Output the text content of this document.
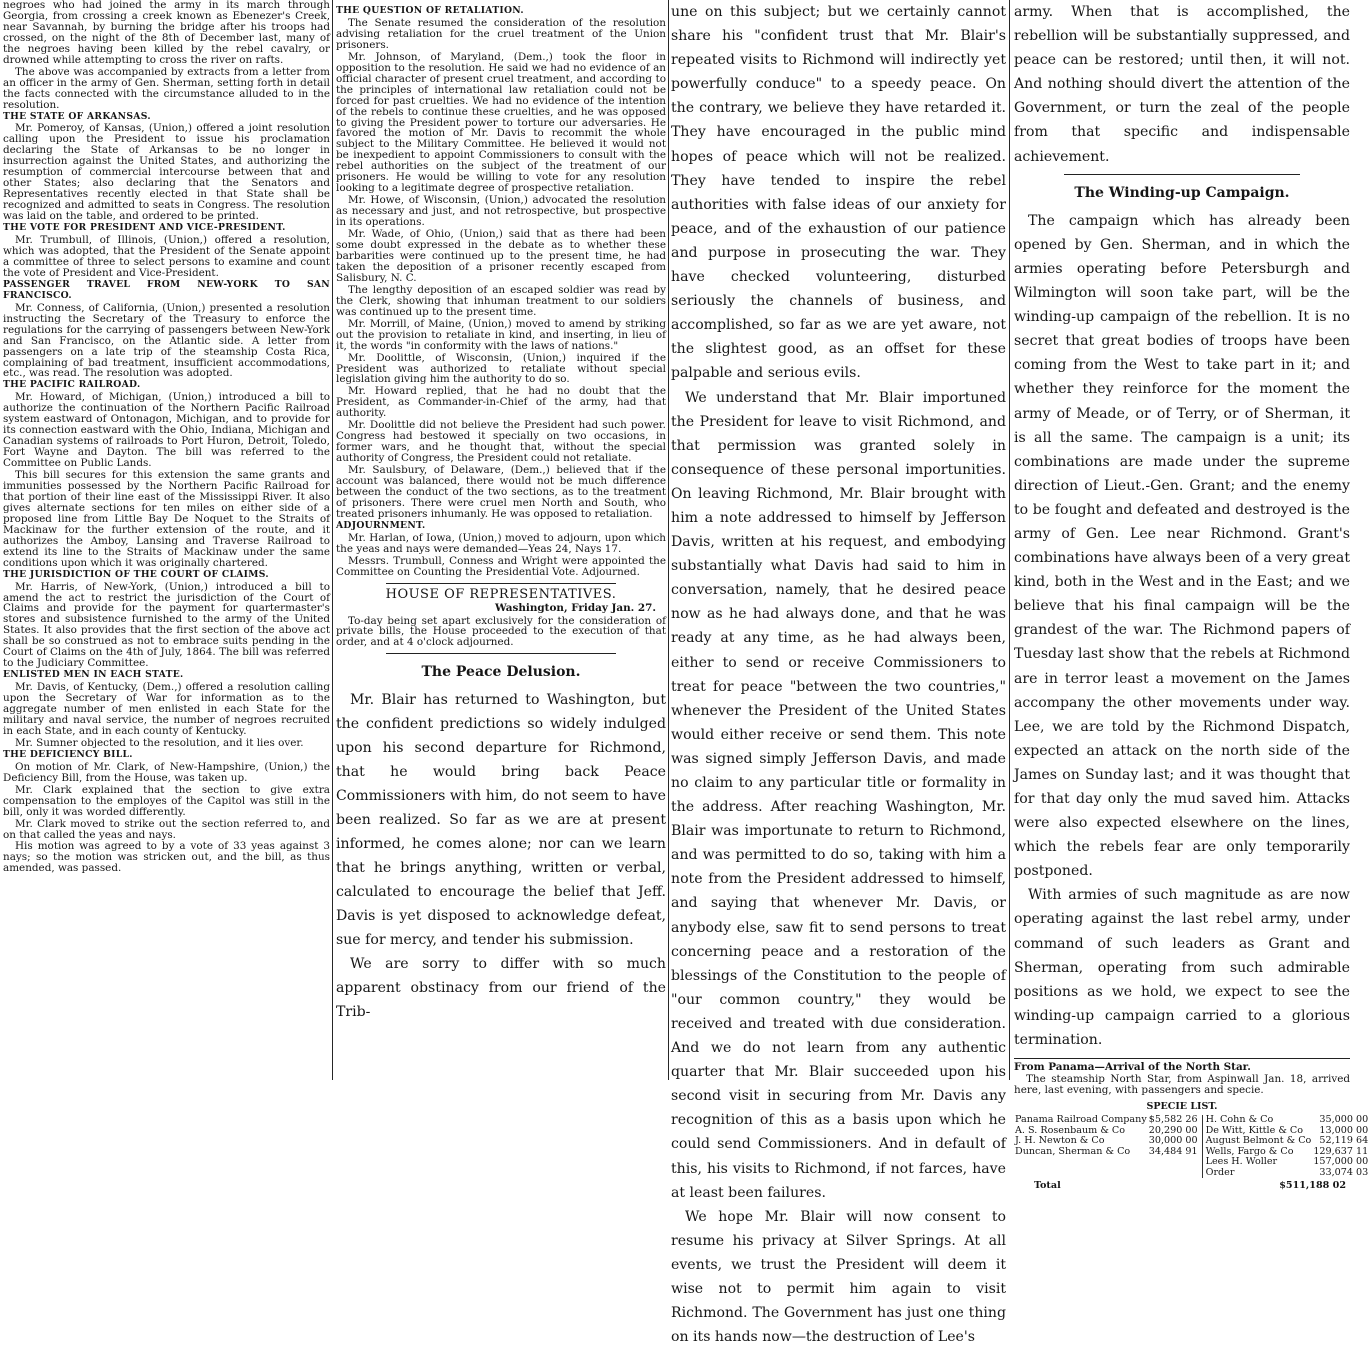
negroes who had joined the army in its march through Georgia, from crossing a creek known as Ebenezer's Creek, near Savannah, by burning the bridge after his troops had crossed, on the night of the 8th of December last, many of the negroes having been killed by the rebel cavalry, or drowned while attempting to cross the river on rafts.

The above was accompanied by extracts from a letter from an officer in the army of Gen. Sherman, setting forth in detail the facts connected with the circumstance alluded to in the resolution.

THE STATE OF ARKANSAS.

Mr. Pomeroy, of Kansas, (Union,) offered a joint resolution calling upon the President to issue his proclamation declaring the State of Arkansas to be no longer in insurrection against the United States, and authorizing the resumption of commercial intercourse between that and other States; also declaring that the Senators and Representatives recently elected in that State shall be recognized and admitted to seats in Congress. The resolution was laid on the table, and ordered to be printed.

THE VOTE FOR PRESIDENT AND VICE-PRESIDENT.

Mr. Trumbull, of Illinois, (Union,) offered a resolution, which was adopted, that the President of the Senate appoint a committee of three to select persons to examine and count the vote of President and Vice-President.

PASSENGER TRAVEL FROM NEW-YORK TO SAN FRANCISCO.

Mr. Conness, of California, (Union,) presented a resolution instructing the Secretary of the Treasury to enforce the regulations for the carrying of passengers between New-York and San Francisco, on the Atlantic side. A letter from passengers on a late trip of the steamship Costa Rica, complaining of bad treatment, insufficient accommodations, etc., was read. The resolution was adopted.

THE PACIFIC RAILROAD.

Mr. Howard, of Michigan, (Union,) introduced a bill to authorize the continuation of the Northern Pacific Railroad system eastward of Ontonagon, Michigan, and to provide for its connection eastward with the Ohio, Indiana, Michigan and Canadian systems of railroads to Port Huron, Detroit, Toledo, Fort Wayne and Dayton. The bill was referred to the Committee on Public Lands.

This bill secures for this extension the same grants and immunities possessed by the Northern Pacific Railroad for that portion of their line east of the Mississippi River. It also gives alternate sections for ten miles on either side of a proposed line from Little Bay De Noquet to the Straits of Mackinaw for the further extension of the route, and it authorizes the Amboy, Lansing and Traverse Railroad to extend its line to the Straits of Mackinaw under the same conditions upon which it was originally chartered.

THE JURISDICTION OF THE COURT OF CLAIMS.

Mr. Harris, of New-York, (Union,) introduced a bill to amend the act to restrict the jurisdiction of the Court of Claims and provide for the payment for quartermaster's stores and subsistence furnished to the army of the United States. It also provides that the first section of the above act shall be so construed as not to embrace suits pending in the Court of Claims on the 4th of July, 1864. The bill was referred to the Judiciary Committee.

ENLISTED MEN IN EACH STATE.

Mr. Davis, of Kentucky, (Dem.,) offered a resolution calling upon the Secretary of War for information as to the aggregate number of men enlisted in each State for the military and naval service, the number of negroes recruited in each State, and in each county of Kentucky.

Mr. Sumner objected to the resolution, and it lies over.

THE DEFICIENCY BILL.

On motion of Mr. Clark, of New-Hampshire, (Union,) the Deficiency Bill, from the House, was taken up.

Mr. Clark explained that the section to give extra compensation to the employes of the Capitol was still in the bill, only it was worded differently.

Mr. Clark moved to strike out the section referred to, and on that called the yeas and nays.

His motion was agreed to by a vote of 33 yeas against 3 nays; so the motion was stricken out, and the bill, as thus amended, was passed.

THE QUESTION OF RETALIATION.

The Senate resumed the consideration of the resolution advising retaliation for the cruel treatment of the Union prisoners.

Mr. Johnson, of Maryland, (Dem.,) took the floor in opposition to the resolution. He said we had no evidence of an official character of present cruel treatment, and according to the principles of international law retaliation could not be forced for past cruelties. We had no evidence of the intention of the rebels to continue these cruelties, and he was opposed to giving the President power to torture our adversaries. He favored the motion of Mr. Davis to recommit the whole subject to the Military Committee. He believed it would not be inexpedient to appoint Commissioners to consult with the rebel authorities on the subject of the treatment of our prisoners. He would be willing to vote for any resolution looking to a legitimate degree of prospective retaliation.

Mr. Howe, of Wisconsin, (Union,) advocated the resolution as necessary and just, and not retrospective, but prospective in its operations.

Mr. Wade, of Ohio, (Union,) said that as there had been some doubt expressed in the debate as to whether these barbarities were continued up to the present time, he had taken the deposition of a prisoner recently escaped from Salisbury, N. C.

The lengthy deposition of an escaped soldier was read by the Clerk, showing that inhuman treatment to our soldiers was continued up to the present time.

Mr. Morrill, of Maine, (Union,) moved to amend by striking out the provision to retaliate in kind, and inserting, in lieu of it, the words "in conformity with the laws of nations."

Mr. Doolittle, of Wisconsin, (Union,) inquired if the President was authorized to retaliate without special legislation giving him the authority to do so.

Mr. Howard replied, that he had no doubt that the President, as Commander-in-Chief of the army, had that authority.

Mr. Doolittle did not believe the President had such power. Congress had bestowed it specially on two occasions, in former wars, and he thought that, without the special authority of Congress, the President could not retaliate.

Mr. Saulsbury, of Delaware, (Dem.,) believed that if the account was balanced, there would not be much difference between the conduct of the two sections, as to the treatment of prisoners. There were cruel men North and South, who treated prisoners inhumanly. He was opposed to retaliation.

ADJOURNMENT.

Mr. Harlan, of Iowa, (Union,) moved to adjourn, upon which the yeas and nays were demanded—Yeas 24, Nays 17.

Messrs. Trumbull, Conness and Wright were appointed the Committee on Counting the Presidential Vote. Adjourned.

HOUSE OF REPRESENTATIVES.
Washington, Friday Jan. 27.

To-day being set apart exclusively for the consideration of private bills, the House proceeded to the execution of that order, and at 4 o'clock adjourned.

The Peace Delusion.

Mr. Blair has returned to Washington, but the confident predictions so widely indulged upon his second departure for Richmond, that he would bring back Peace Commissioners with him, do not seem to have been realized. So far as we are at present informed, he comes alone; nor can we learn that he brings anything, written or verbal, calculated to encourage the belief that Jeff. Davis is yet disposed to acknowledge defeat, sue for mercy, and tender his submission.

We are sorry to differ with so much apparent obstinacy from our friend of the Trib-

une on this subject; but we certainly cannot share his "confident trust that Mr. Blair's repeated visits to Richmond will indirectly yet powerfully conduce" to a speedy peace. On the contrary, we believe they have retarded it. They have encouraged in the public mind hopes of peace which will not be realized. They have tended to inspire the rebel authorities with false ideas of our anxiety for peace, and of the exhaustion of our patience and purpose in prosecuting the war. They have checked volunteering, disturbed seriously the channels of business, and accomplished, so far as we are yet aware, not the slightest good, as an offset for these palpable and serious evils.

We understand that Mr. Blair importuned the President for leave to visit Richmond, and that permission was granted solely in consequence of these personal importunities. On leaving Richmond, Mr. Blair brought with him a note addressed to himself by Jefferson Davis, written at his request, and embodying substantially what Davis had said to him in conversation, namely, that he desired peace now as he had always done, and that he was ready at any time, as he had always been, either to send or receive Commissioners to treat for peace "between the two countries," whenever the President of the United States would either receive or send them. This note was signed simply Jefferson Davis, and made no claim to any particular title or formality in the address. After reaching Washington, Mr. Blair was importunate to return to Richmond, and was permitted to do so, taking with him a note from the President addressed to himself, and saying that whenever Mr. Davis, or anybody else, saw fit to send persons to treat concerning peace and a restoration of the blessings of the Constitution to the people of "our common country," they would be received and treated with due consideration. And we do not learn from any authentic quarter that Mr. Blair succeeded upon his second visit in securing from Mr. Davis any recognition of this as a basis upon which he could send Commissioners. And in default of this, his visits to Richmond, if not farces, have at least been failures.

We hope Mr. Blair will now consent to resume his privacy at Silver Springs. At all events, we trust the President will deem it wise not to permit him again to visit Richmond. The Government has just one thing on its hands now—the destruction of Lee's

army. When that is accomplished, the rebellion will be substantially suppressed, and peace can be restored; until then, it will not. And nothing should divert the attention of the Government, or turn the zeal of the people from that specific and indispensable achievement.

The Winding-up Campaign.

The campaign which has already been opened by Gen. Sherman, and in which the armies operating before Petersburgh and Wilmington will soon take part, will be the winding-up campaign of the rebellion. It is no secret that great bodies of troops have been coming from the West to take part in it; and whether they reinforce for the moment the army of Meade, or of Terry, or of Sherman, it is all the same. The campaign is a unit; its combinations are made under the supreme direction of Lieut.-Gen. Grant; and the enemy to be fought and defeated and destroyed is the army of Gen. Lee near Richmond. Grant's combinations have always been of a very great kind, both in the West and in the East; and we believe that his final campaign will be the grandest of the war. The Richmond papers of Tuesday last show that the rebels at Richmond are in terror least a movement on the James accompany the other movements under way. Lee, we are told by the Richmond Dispatch, expected an attack on the north side of the James on Sunday last; and it was thought that for that day only the mud saved him. Attacks were also expected elsewhere on the lines, which the rebels fear are only temporarily postponed.

With armies of such magnitude as are now operating against the last rebel army, under command of such leaders as Grant and Sherman, operating from such admirable positions as we hold, we expect to see the winding-up campaign carried to a glorious termination.

From Panama—Arrival of the North Star.

The steamship North Star, from Aspinwall Jan. 18, arrived here, last evening, with passengers and specie.

SPECIE LIST.
Panama Railroad Company	$5,582 26	H. Cohn & Co	35,000 00
A. S. Rosenbaum & Co	20,290 00	De Witt, Kittle & Co	13,000 00
J. H. Newton & Co	30,000 00	August Belmont & Co	52,119 64
Duncan, Sherman & Co	34,484 91	Wells, Fargo & Co	129,637 11
		Lees H. Woller	157,000 00
		Order	33,074 03
Total	$511,188 02
